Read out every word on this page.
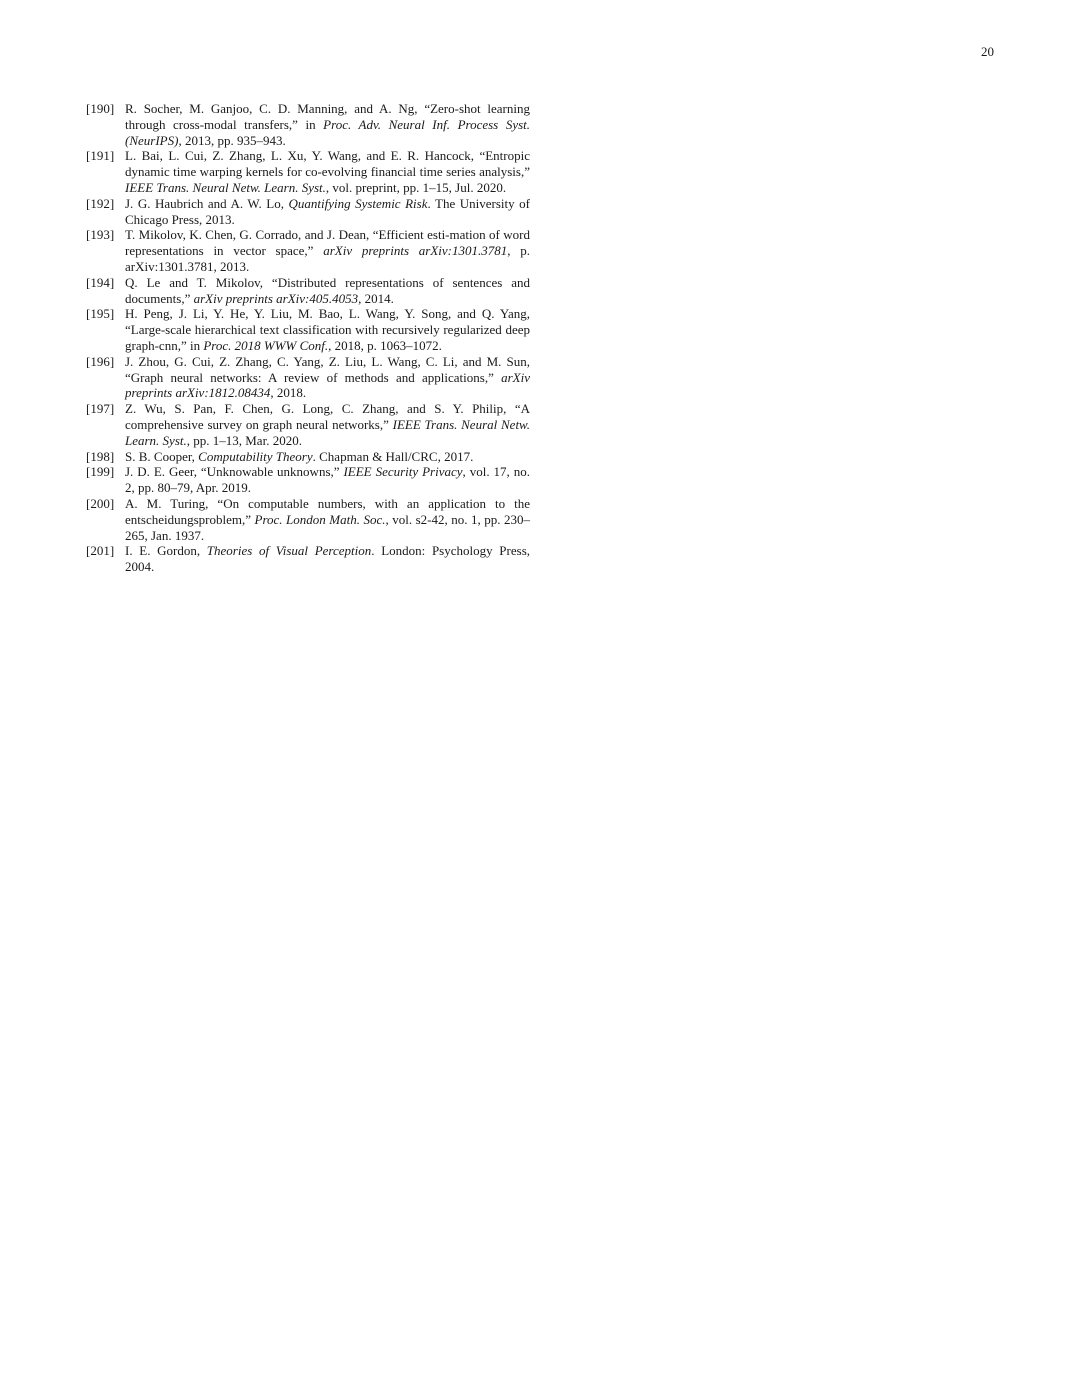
20
[190] R. Socher, M. Ganjoo, C. D. Manning, and A. Ng, “Zero-shot learning through cross-modal transfers,” in Proc. Adv. Neural Inf. Process Syst. (NeurIPS), 2013, pp. 935–943.
[191] L. Bai, L. Cui, Z. Zhang, L. Xu, Y. Wang, and E. R. Hancock, “Entropic dynamic time warping kernels for co-evolving financial time series analysis,” IEEE Trans. Neural Netw. Learn. Syst., vol. preprint, pp. 1–15, Jul. 2020.
[192] J. G. Haubrich and A. W. Lo, Quantifying Systemic Risk. The University of Chicago Press, 2013.
[193] T. Mikolov, K. Chen, G. Corrado, and J. Dean, “Efficient esti-mation of word representations in vector space,” arXiv preprints arXiv:1301.3781, p. arXiv:1301.3781, 2013.
[194] Q. Le and T. Mikolov, “Distributed representations of sentences and documents,” arXiv preprints arXiv:405.4053, 2014.
[195] H. Peng, J. Li, Y. He, Y. Liu, M. Bao, L. Wang, Y. Song, and Q. Yang, “Large-scale hierarchical text classification with recursively regularized deep graph-cnn,” in Proc. 2018 WWW Conf., 2018, p. 1063–1072.
[196] J. Zhou, G. Cui, Z. Zhang, C. Yang, Z. Liu, L. Wang, C. Li, and M. Sun, “Graph neural networks: A review of methods and applications,” arXiv preprints arXiv:1812.08434, 2018.
[197] Z. Wu, S. Pan, F. Chen, G. Long, C. Zhang, and S. Y. Philip, “A comprehensive survey on graph neural networks,” IEEE Trans. Neural Netw. Learn. Syst., pp. 1–13, Mar. 2020.
[198] S. B. Cooper, Computability Theory. Chapman & Hall/CRC, 2017.
[199] J. D. E. Geer, “Unknowable unknowns,” IEEE Security Privacy, vol. 17, no. 2, pp. 80–79, Apr. 2019.
[200] A. M. Turing, “On computable numbers, with an application to the entscheidungsproblem,” Proc. London Math. Soc., vol. s2-42, no. 1, pp. 230–265, Jan. 1937.
[201] I. E. Gordon, Theories of Visual Perception. London: Psychology Press, 2004.
